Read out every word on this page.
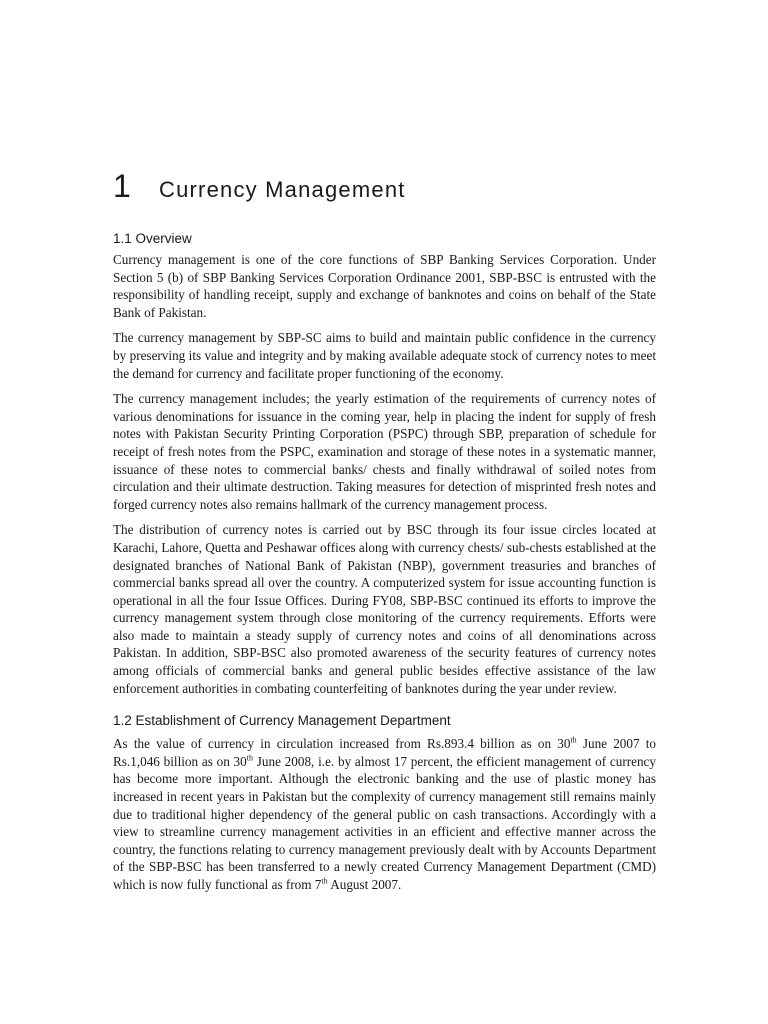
1	Currency Management
1.1 Overview

Currency management is one of the core functions of SBP Banking Services Corporation. Under Section 5 (b) of SBP Banking Services Corporation Ordinance 2001, SBP-BSC is entrusted with the responsibility of handling receipt, supply and exchange of banknotes and coins on behalf of the State Bank of Pakistan.

The currency management by SBP-SC aims to build and maintain public confidence in the currency by preserving its value and integrity and by making available adequate stock of currency notes to meet the demand for currency and facilitate proper functioning of the economy.

The currency management includes; the yearly estimation of the requirements of currency notes of various denominations for issuance in the coming year, help in placing the indent for supply of fresh notes with Pakistan Security Printing Corporation (PSPC) through SBP, preparation of schedule for receipt of fresh notes from the PSPC, examination and storage of these notes in a systematic manner, issuance of these notes to commercial banks/ chests and finally withdrawal of soiled notes from circulation and their ultimate destruction. Taking measures for detection of misprinted fresh notes and forged currency notes also remains hallmark of the currency management process.

The distribution of currency notes is carried out by BSC through its four issue circles located at Karachi, Lahore, Quetta and Peshawar offices along with currency chests/ sub-chests established at the designated branches of National Bank of Pakistan (NBP), government treasuries and branches of commercial banks spread all over the country. A computerized system for issue accounting function is operational in all the four Issue Offices. During FY08, SBP-BSC continued its efforts to improve the currency management system through close monitoring of the currency requirements. Efforts were also made to maintain a steady supply of currency notes and coins of all denominations across Pakistan. In addition, SBP-BSC also promoted awareness of the security features of currency notes among officials of commercial banks and general public besides effective assistance of the law enforcement authorities in combating counterfeiting of banknotes during the year under review.

1.2 Establishment of Currency Management Department

As the value of currency in circulation increased from Rs.893.4 billion as on 30th June 2007 to Rs.1,046 billion as on 30th June 2008, i.e. by almost 17 percent, the efficient management of currency has become more important. Although the electronic banking and the use of plastic money has increased in recent years in Pakistan but the complexity of currency management still remains mainly due to traditional higher dependency of the general public on cash transactions. Accordingly with a view to streamline currency management activities in an efficient and effective manner across the country, the functions relating to currency management previously dealt with by Accounts Department of the SBP-BSC has been transferred to a newly created Currency Management Department (CMD) which is now fully functional as from 7th August 2007.
